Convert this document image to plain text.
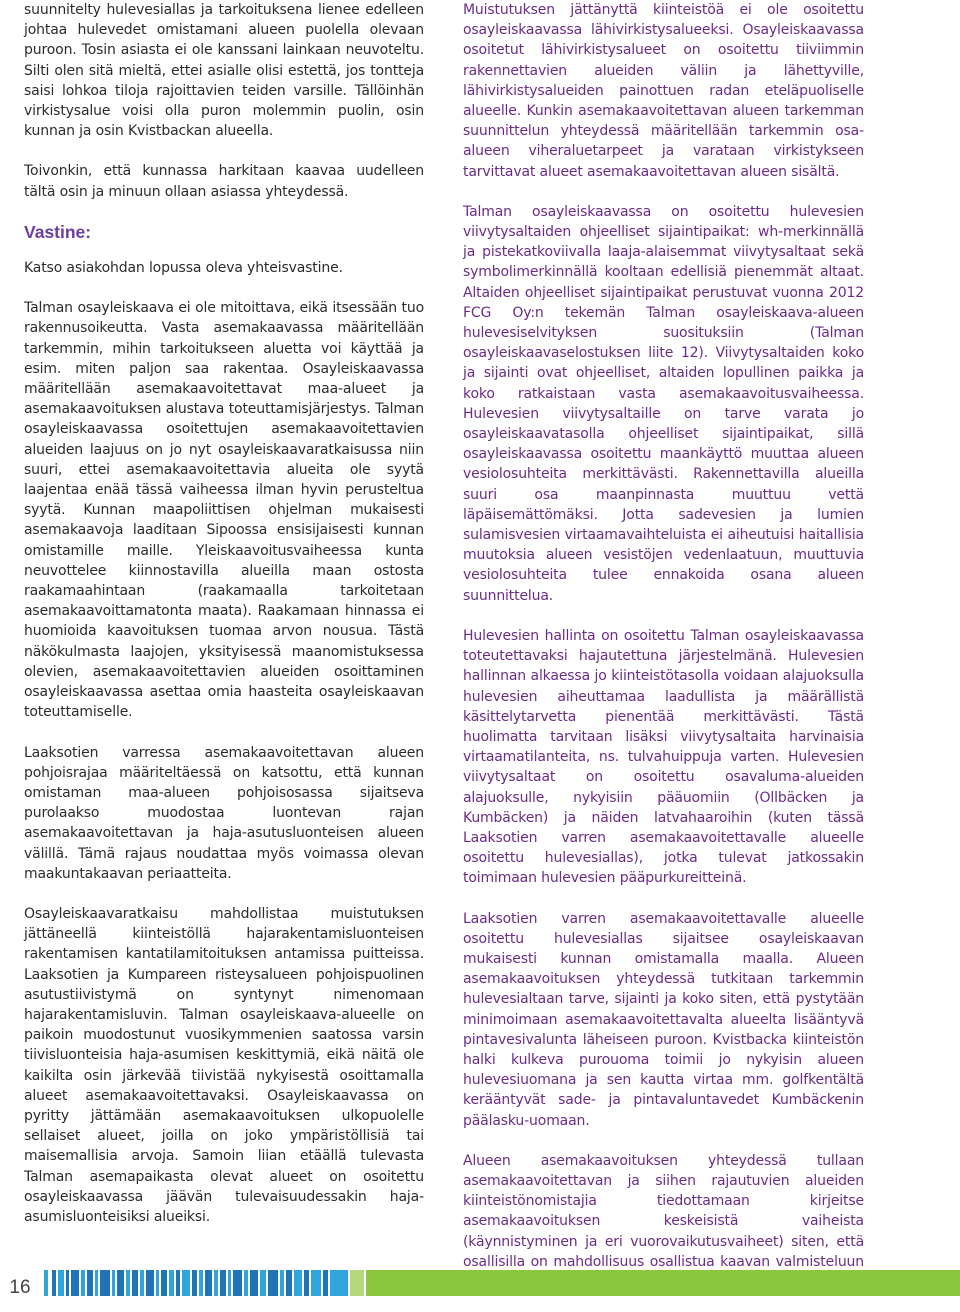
suunnitelty hulevesiallas ja tarkoituksena lienee edelleen johtaa hulevedet omistamani alueen puolella olevaan puroon. Tosin asiasta ei ole kanssani lainkaan neuvoteltu. Silti olen sitä mieltä, ettei asialle olisi estettä, jos tontteja saisi lohkoa tiloja rajoittavien teiden varsille. Tällöinhän virkistysalue voisi olla puron molemmin puolin, osin kunnan ja osin Kvistbackan alueella.

Toivonkin, että kunnassa harkitaan kaavaa uudelleen tältä osin ja minuun ollaan asiassa yhteydessä.

Vastine:

Katso asiakohdan lopussa oleva yhteisvastine.

Talman osayleiskaava ei ole mitoittava, eikä itsessään tuo rakennusoikeutta. Vasta asemakaavassa määritellään tarkemmin, mihin tarkoitukseen aluetta voi käyttää ja esim. miten paljon saa rakentaa. Osayleiskaavassa määritellään asemakaavoitettavat maa-alueet ja asemakaavoituksen alustava toteuttamisjärjestys. Talman osayleiskaavassa osoitettujen asemakaavoitettavien alueiden laajuus on jo nyt osayleiskaavaratkaisussa niin suuri, ettei asemakaavoitettavia alueita ole syytä laajentaa enää tässä vaiheessa ilman hyvin perusteltua syytä. Kunnan maapoliittisen ohjelman mukaisesti asemakaavoja laaditaan Sipoossa ensisijaisesti kunnan omistamille maille. Yleiskaavoitusvaiheessa kunta neuvottelee kiinnostavilla alueilla maan ostosta raakamaahintaan (raakamaalla tarkoitetaan asemakaavoittamatonta maata). Raakamaan hinnassa ei huomioida kaavoituksen tuomaa arvon nousua. Tästä näkökulmasta laajojen, yksityisessä maanomistuksessa olevien, asemakaavoitettavien alueiden osoittaminen osayleiskaavassa asettaa omia haasteita osayleiskaavan toteuttamiselle.

Laaksotien varressa asemakaavoitettavan alueen pohjoisrajaa määriteltäessä on katsottu, että kunnan omistaman maa-alueen pohjoisosassa sijaitseva purolaakso muodostaa luontevan rajan asemakaavoitettavan ja haja-asutusluonteisen alueen välillä. Tämä rajaus noudattaa myös voimassa olevan maakuntakaavan periaatteita.

Osayleiskaavaratkaisu mahdollistaa muistutuksen jättäneellä kiinteistöllä hajarakentamisluonteisen rakentamisen kantatilamitoituksen antamissa puitteissa. Laaksotien ja Kumpareen risteysalueen pohjoispuolinen asutustiivistymä on syntynyt nimenomaan hajarakentamisluvin. Talman osayleiskaava-alueelle on paikoin muodostunut vuosikymmenien saatossa varsin tiivisluonteisia haja-asumisen keskittymiä, eikä näitä ole kaikilta osin järkevää tiivistää nykyisestä osoittamalla alueet asemakaavoitettavaksi. Osayleiskaavassa on pyritty jättämään asemakaavoituksen ulkopuolelle sellaiset alueet, joilla on joko ympäristöllisiä tai maisemallisia arvoja. Samoin liian etäällä tulevasta Talman asemapaikasta olevat alueet on osoitettu osayleiskaavassa jäävän tulevaisuudessakin haja-asumisluonteisiksi alueiksi.

Muistutuksen jättänyttä kiinteistöä ei ole osoitettu osayleiskaavassa lähivirkistysalueeksi. Osayleiskaavassa osoitetut lähivirkistysalueet on osoitettu tiiviimmin rakennettavien alueiden väliin ja lähettyville, lähivirkistysalueiden painottuen radan eteläpuoliselle alueelle. Kunkin asemakaavoitettavan alueen tarkemman suunnittelun yhteydessä määritellään tarkemmin osa-alueen viheraluetarpeet ja varataan virkistykseen tarvittavat alueet asemakaavoitettavan alueen sisältä.

Talman osayleiskaavassa on osoitettu hulevesien viivytysaltaiden ohjeelliset sijaintipaikat: wh-merkinnällä ja pistekatkoviivalla laaja-alaisemmat viivytysaltaat sekä symbolimerkinnällä kooltaan edellisiä pienemmät altaat. Altaiden ohjeelliset sijaintipaikat perustuvat vuonna 2012 FCG Oy:n tekemän Talman osayleiskaava-alueen hulevesiselvityksen suosituksiin (Talman osayleiskaavaselostuksen liite 12). Viivytysaltaiden koko ja sijainti ovat ohjeelliset, altaiden lopullinen paikka ja koko ratkaistaan vasta asemakaavoitusvaiheessa. Hulevesien viivytysaltaille on tarve varata jo osayleiskaavatasolla ohjeelliset sijaintipaikat, sillä osayleiskaavassa osoitettu maankäyttö muuttaa alueen vesiolosuhteita merkittävästi. Rakennettavilla alueilla suuri osa maanpinnasta muuttuu vettä läpäisemättömäksi. Jotta sadevesien ja lumien sulamisvesien virtaamavaihteluista ei aiheutuisi haitallisia muutoksia alueen vesistöjen vedenlaatuun, muuttuvia vesiolosuhteita tulee ennakoida osana alueen suunnittelua.

Hulevesien hallinta on osoitettu Talman osayleiskaavassa toteutettavaksi hajautettuna järjestelmänä. Hulevesien hallinnan alkaessa jo kiinteistötasolla voidaan alajuoksulla hulevesien aiheuttamaa laadullista ja määrällistä käsittelytarvetta pienentää merkittävästi. Tästä huolimatta tarvitaan lisäksi viivytysaltaita harvinaisia virtaamatilanteita, ns. tulvahuippuja varten. Hulevesien viivytysaltaat on osoitettu osavaluma-alueiden alajuoksulle, nykyisiin pääuomiin (Ollbäcken ja Kumbäcken) ja näiden latvahaaroihin (kuten tässä Laaksotien varren asemakaavoitettavalle alueelle osoitettu hulevesiallas), jotka tulevat jatkossakin toimimaan hulevesien pääpurkureitteinä.

Laaksotien varren asemakaavoitettavalle alueelle osoitettu hulevesiallas sijaitsee osayleiskaavan mukaisesti kunnan omistamalla maalla. Alueen asemakaavoituksen yhteydessä tutkitaan tarkemmin hulevesialtaan tarve, sijainti ja koko siten, että pystytään minimoimaan asemakaavoitettavalta alueelta lisääntyvä pintavesivalunta läheiseen puroon. Kvistbacka kiinteistön halki kulkeva purouoma toimii jo nykyisin alueen hulevesiuomana ja sen kautta virtaa mm. golfkentältä kerääntyvät sade- ja pintavaluntavedet Kumbäckenin päälasku-uomaan.

Alueen asemakaavoituksen yhteydessä tullaan asemakaavoitettavan ja siihen rajautuvien alueiden kiinteistönomistajia tiedottamaan kirjeitse asemakaavoituksen keskeisistä vaiheista (käynnistyminen ja eri vuorovaikutusvaiheet) siten, että osallisilla on mahdollisuus osallistua kaavan valmisteluun

16
